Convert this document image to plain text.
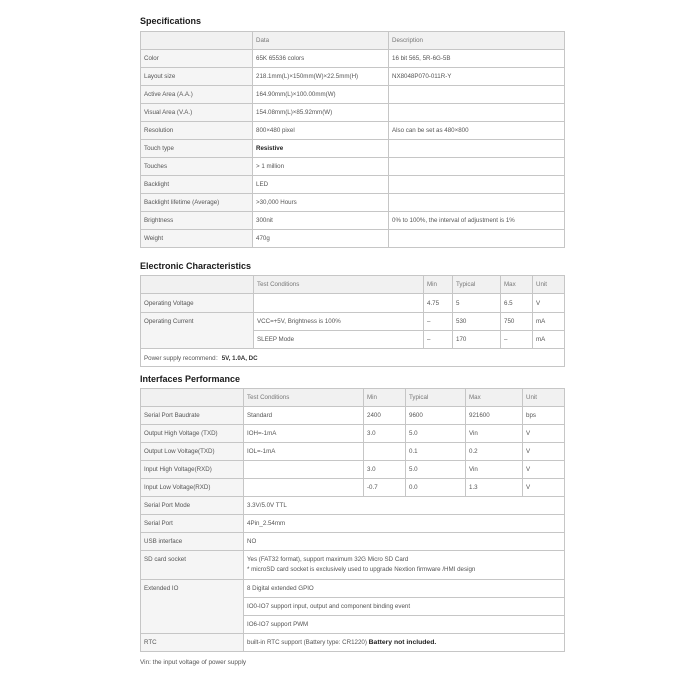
Specifications
	Data	Description
Color	65K 65536 colors	16 bit 565, 5R-6G-5B
Layout size	218.1mm(L)×150mm(W)×22.5mm(H)	NX8048P070-011R-Y
Active Area (A.A.)	164.90mm(L)×100.00mm(W)	
Visual Area (V.A.)	154.08mm(L)×85.92mm(W)	
Resolution	800×480 pixel	Also can be set as 480×800
Touch type	Resistive	
Touches	> 1 million	
Backlight	LED	
Backlight lifetime (Average)	>30,000 Hours	
Brightness	300nit	0% to 100%, the interval of adjustment is 1%
Weight	470g	
Electronic Characteristics
	Test Conditions	Min	Typical	Max	Unit
Operating Voltage		4.75	5	6.5	V
Operating Current	VCC=+5V, Brightness is 100%	–	530	750	mA
	SLEEP Mode	–	170	–	mA
Power supply recommend：5V, 1.0A, DC					
Interfaces Performance
	Test Conditions	Min	Typical	Max	Unit
Serial Port Baudrate	Standard	2400	9600	921600	bps
Output High Voltage (TXD)	IOH=-1mA	3.0	5.0	Vin	V
Output Low Voltage(TXD)	IOL=-1mA		0.1	0.2	V
Input High Voltage(RXD)		3.0	5.0	Vin	V
Input Low Voltage(RXD)		-0.7	0.0	1.3	V
Serial Port Mode	3.3V/5.0V TTL				
Serial Port	4Pin_2.54mm				
USB interface	NO				
SD card socket	Yes (FAT32 format), support maximum 32G Micro SD Card
* microSD card socket is exclusively used to upgrade Nextion firmware /HMI design				

Extended IO	8 Digital extended GPIO				
	IO0-IO7 support input, output and component binding event				
	IO6-IO7 support PWM				
RTC	built-in RTC support (Battery type: CR1220) Battery not included.				
Vin: the input voltage of power supply
